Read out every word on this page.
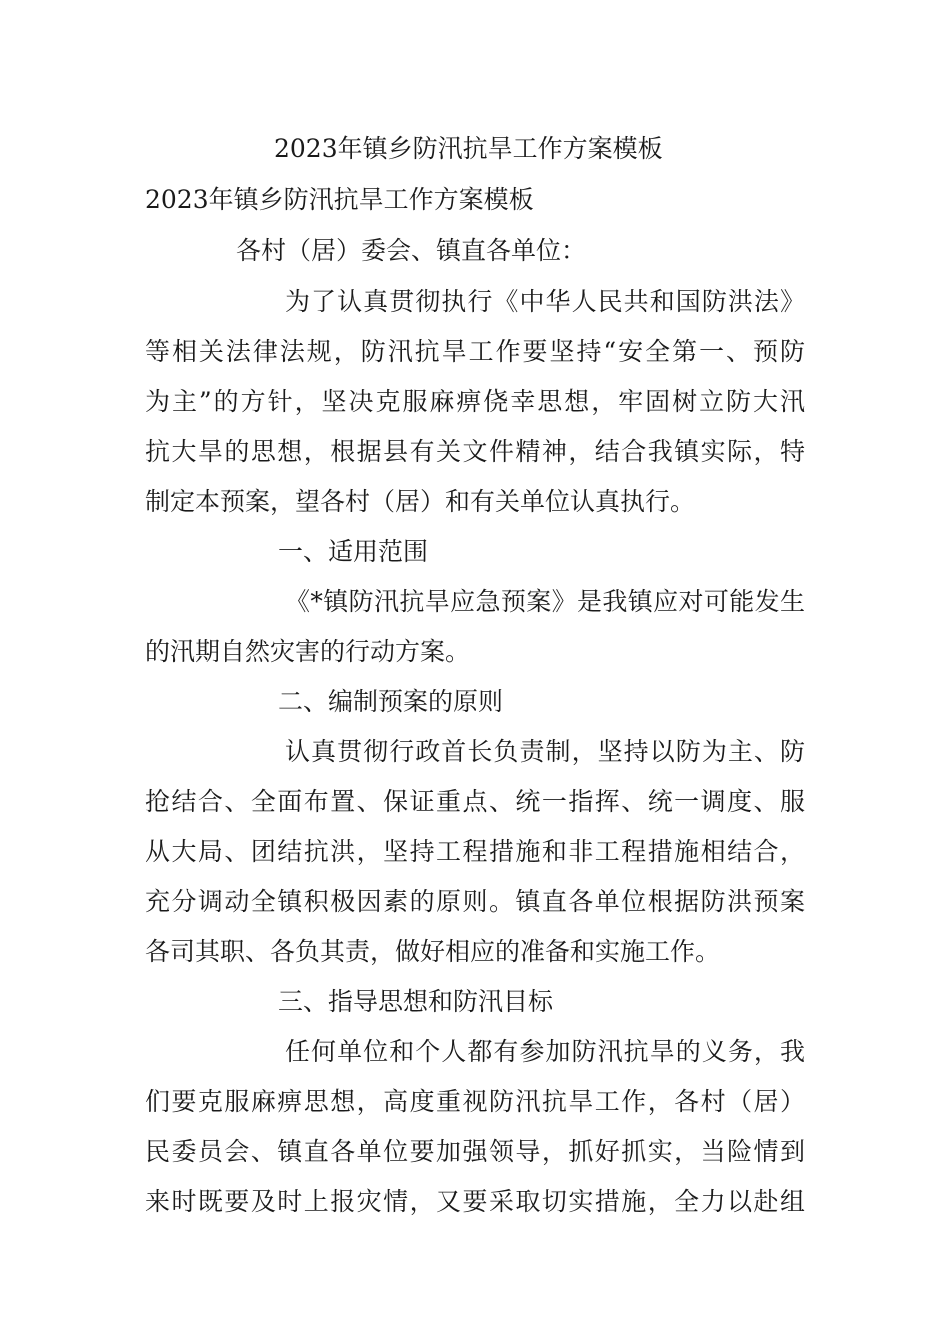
2023年镇乡防汛抗旱工作方案模板
2023年镇乡防汛抗旱工作方案模板
各村（居）委会、镇直各单位：
为了认真贯彻执行《中华人民共和国防洪法》
等相关法律法规，防汛抗旱工作要坚持“安全第一、预防
为主”的方针，坚决克服麻痹侥幸思想，牢固树立防大汛
抗大旱的思想，根据县有关文件精神，结合我镇实际，特
制定本预案，望各村（居）和有关单位认真执行。
一、适用范围
《*镇防汛抗旱应急预案》是我镇应对可能发生
的汛期自然灾害的行动方案。
二、编制预案的原则
认真贯彻行政首长负责制，坚持以防为主、防
抢结合、全面布置、保证重点、统一指挥、统一调度、服
从大局、团结抗洪，坚持工程措施和非工程措施相结合，
充分调动全镇积极因素的原则。镇直各单位根据防洪预案
各司其职、各负其责，做好相应的准备和实施工作。
三、指导思想和防汛目标
任何单位和个人都有参加防汛抗旱的义务，我
们要克服麻痹思想，高度重视防汛抗旱工作，各村（居）
民委员会、镇直各单位要加强领导，抓好抓实，当险情到
来时既要及时上报灾情，又要采取切实措施，全力以赴组
